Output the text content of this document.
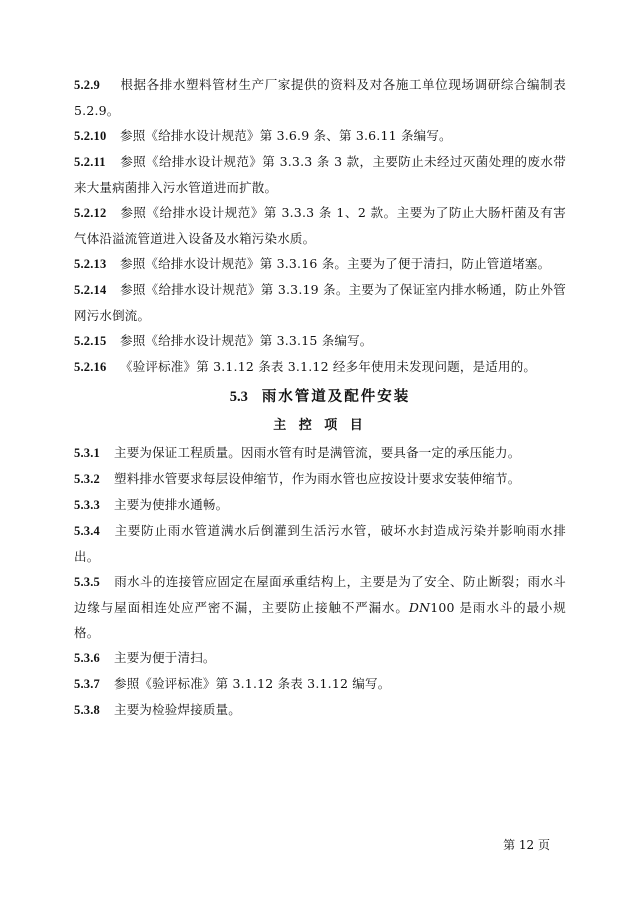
5.2.9 根据各排水塑料管材生产厂家提供的资料及对各施工单位现场调研综合编制表 5.2.9。

5.2.10 参照《给排水设计规范》第 3.6.9 条、第 3.6.11 条编写。

5.2.11 参照《给排水设计规范》第 3.3.3 条 3 款，主要防止未经过灭菌处理的废水带来大量病菌排入污水管道进而扩散。

5.2.12 参照《给排水设计规范》第 3.3.3 条 1、2 款。主要为了防止大肠杆菌及有害气体沿溢流管道进入设备及水箱污染水质。

5.2.13 参照《给排水设计规范》第 3.3.16 条。主要为了便于清扫，防止管道堵塞。

5.2.14 参照《给排水设计规范》第 3.3.19 条。主要为了保证室内排水畅通，防止外管网污水倒流。

5.2.15 参照《给排水设计规范》第 3.3.15 条编写。

5.2.16 《验评标准》第 3.1.12 条表 3.1.12 经多年使用未发现问题，是适用的。

5.3 雨水管道及配件安装

主 控 项 目

5.3.1 主要为保证工程质量。因雨水管有时是满管流，要具备一定的承压能力。

5.3.2 塑料排水管要求每层设伸缩节，作为雨水管也应按设计要求安装伸缩节。

5.3.3 主要为使排水通畅。

5.3.4 主要防止雨水管道满水后倒灌到生活污水管，破坏水封造成污染并影响雨水排出。

5.3.5 雨水斗的连接管应固定在屋面承重结构上，主要是为了安全、防止断裂；雨水斗边缘与屋面相连处应严密不漏，主要防止接触不严漏水。DN100 是雨水斗的最小规格。

5.3.6 主要为便于清扫。

5.3.7 参照《验评标准》第 3.1.12 条表 3.1.12 编写。

5.3.8 主要为检验焊接质量。

第 12 页
